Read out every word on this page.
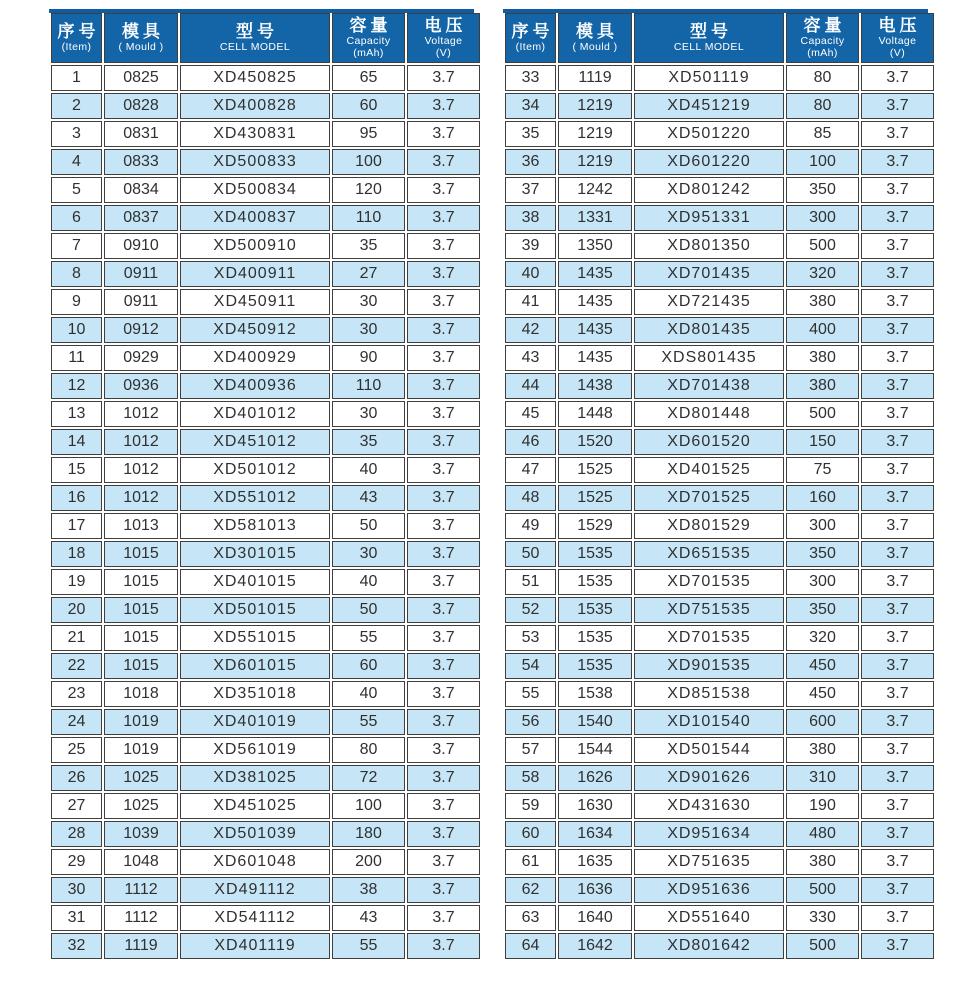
序号
(Item)

模具
( Mould )

型号
CELL MODEL

容量
Capacity
(mAh)

电压
Voltage
(V)

1	0825	XD450825	65	3.7
2	0828	XD400828	60	3.7
3	0831	XD430831	95	3.7
4	0833	XD500833	100	3.7
5	0834	XD500834	120	3.7
6	0837	XD400837	110	3.7
7	0910	XD500910	35	3.7
8	0911	XD400911	27	3.7
9	0911	XD450911	30	3.7
10	0912	XD450912	30	3.7
11	0929	XD400929	90	3.7
12	0936	XD400936	110	3.7
13	1012	XD401012	30	3.7
14	1012	XD451012	35	3.7
15	1012	XD501012	40	3.7
16	1012	XD551012	43	3.7
17	1013	XD581013	50	3.7
18	1015	XD301015	30	3.7
19	1015	XD401015	40	3.7
20	1015	XD501015	50	3.7
21	1015	XD551015	55	3.7
22	1015	XD601015	60	3.7
23	1018	XD351018	40	3.7
24	1019	XD401019	55	3.7
25	1019	XD561019	80	3.7
26	1025	XD381025	72	3.7
27	1025	XD451025	100	3.7
28	1039	XD501039	180	3.7
29	1048	XD601048	200	3.7
30	1112	XD491112	38	3.7
31	1112	XD541112	43	3.7
32	1119	XD401119	55	3.7
序号
(Item)

模具
( Mould )

型号
CELL MODEL

容量
Capacity
(mAh)

电压
Voltage
(V)

33	1119	XD501119	80	3.7
34	1219	XD451219	80	3.7
35	1219	XD501220	85	3.7
36	1219	XD601220	100	3.7
37	1242	XD801242	350	3.7
38	1331	XD951331	300	3.7
39	1350	XD801350	500	3.7
40	1435	XD701435	320	3.7
41	1435	XD721435	380	3.7
42	1435	XD801435	400	3.7
43	1435	XDS801435	380	3.7
44	1438	XD701438	380	3.7
45	1448	XD801448	500	3.7
46	1520	XD601520	150	3.7
47	1525	XD401525	75	3.7
48	1525	XD701525	160	3.7
49	1529	XD801529	300	3.7
50	1535	XD651535	350	3.7
51	1535	XD701535	300	3.7
52	1535	XD751535	350	3.7
53	1535	XD701535	320	3.7
54	1535	XD901535	450	3.7
55	1538	XD851538	450	3.7
56	1540	XD101540	600	3.7
57	1544	XD501544	380	3.7
58	1626	XD901626	310	3.7
59	1630	XD431630	190	3.7
60	1634	XD951634	480	3.7
61	1635	XD751635	380	3.7
62	1636	XD951636	500	3.7
63	1640	XD551640	330	3.7
64	1642	XD801642	500	3.7
